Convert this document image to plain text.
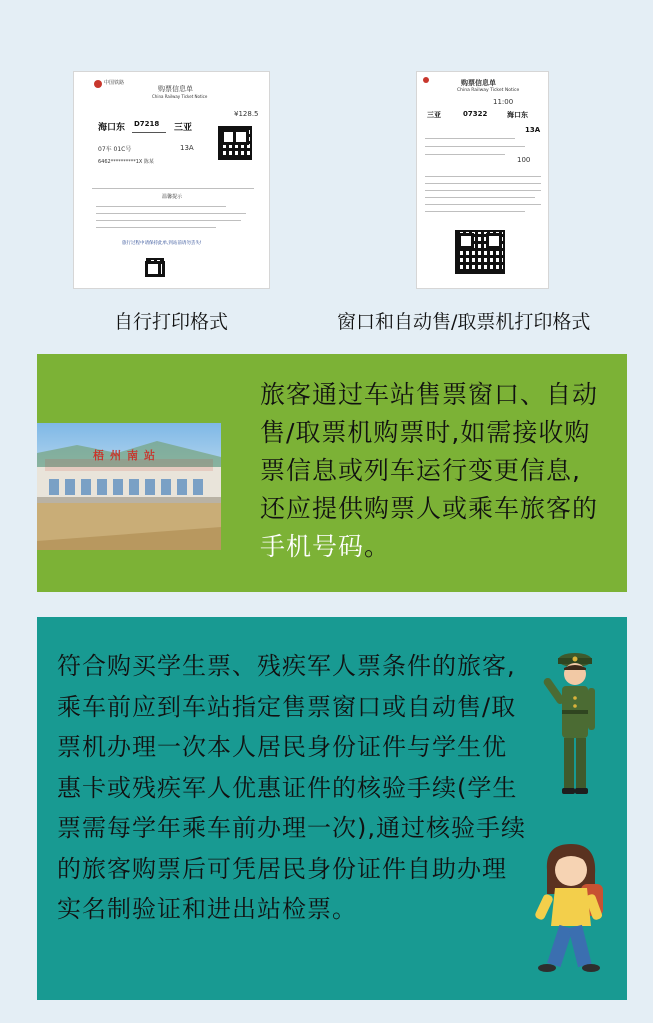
中国铁路
购票信息单
China Railway Ticket Notice
¥128.5
海口东 D7218 三亚
07车 01C号	13A
6462**********1X 陈某
温馨提示
旅行过程中请保持此单,到站前请勿丢失!
购票信息单
China Railway Ticket Notice
11:00
三亚	07322	海口东
13A
100
自行打印格式	窗口和自动售/取票机打印格式
梧州南站
旅客通过车站售票窗口、自动售/取票机购票时,如需接收购票信息或列车运行变更信息,还应提供购票人或乘车旅客的手机号码。
符合购买学生票、残疾军人票条件的旅客,乘车前应到车站指定售票窗口或自动售/取票机办理一次本人居民身份证件与学生优惠卡或残疾军人优惠证件的核验手续(学生票需每学年乘车前办理一次),通过核验手续的旅客购票后可凭居民身份证件自助办理实名制验证和进出站检票。
